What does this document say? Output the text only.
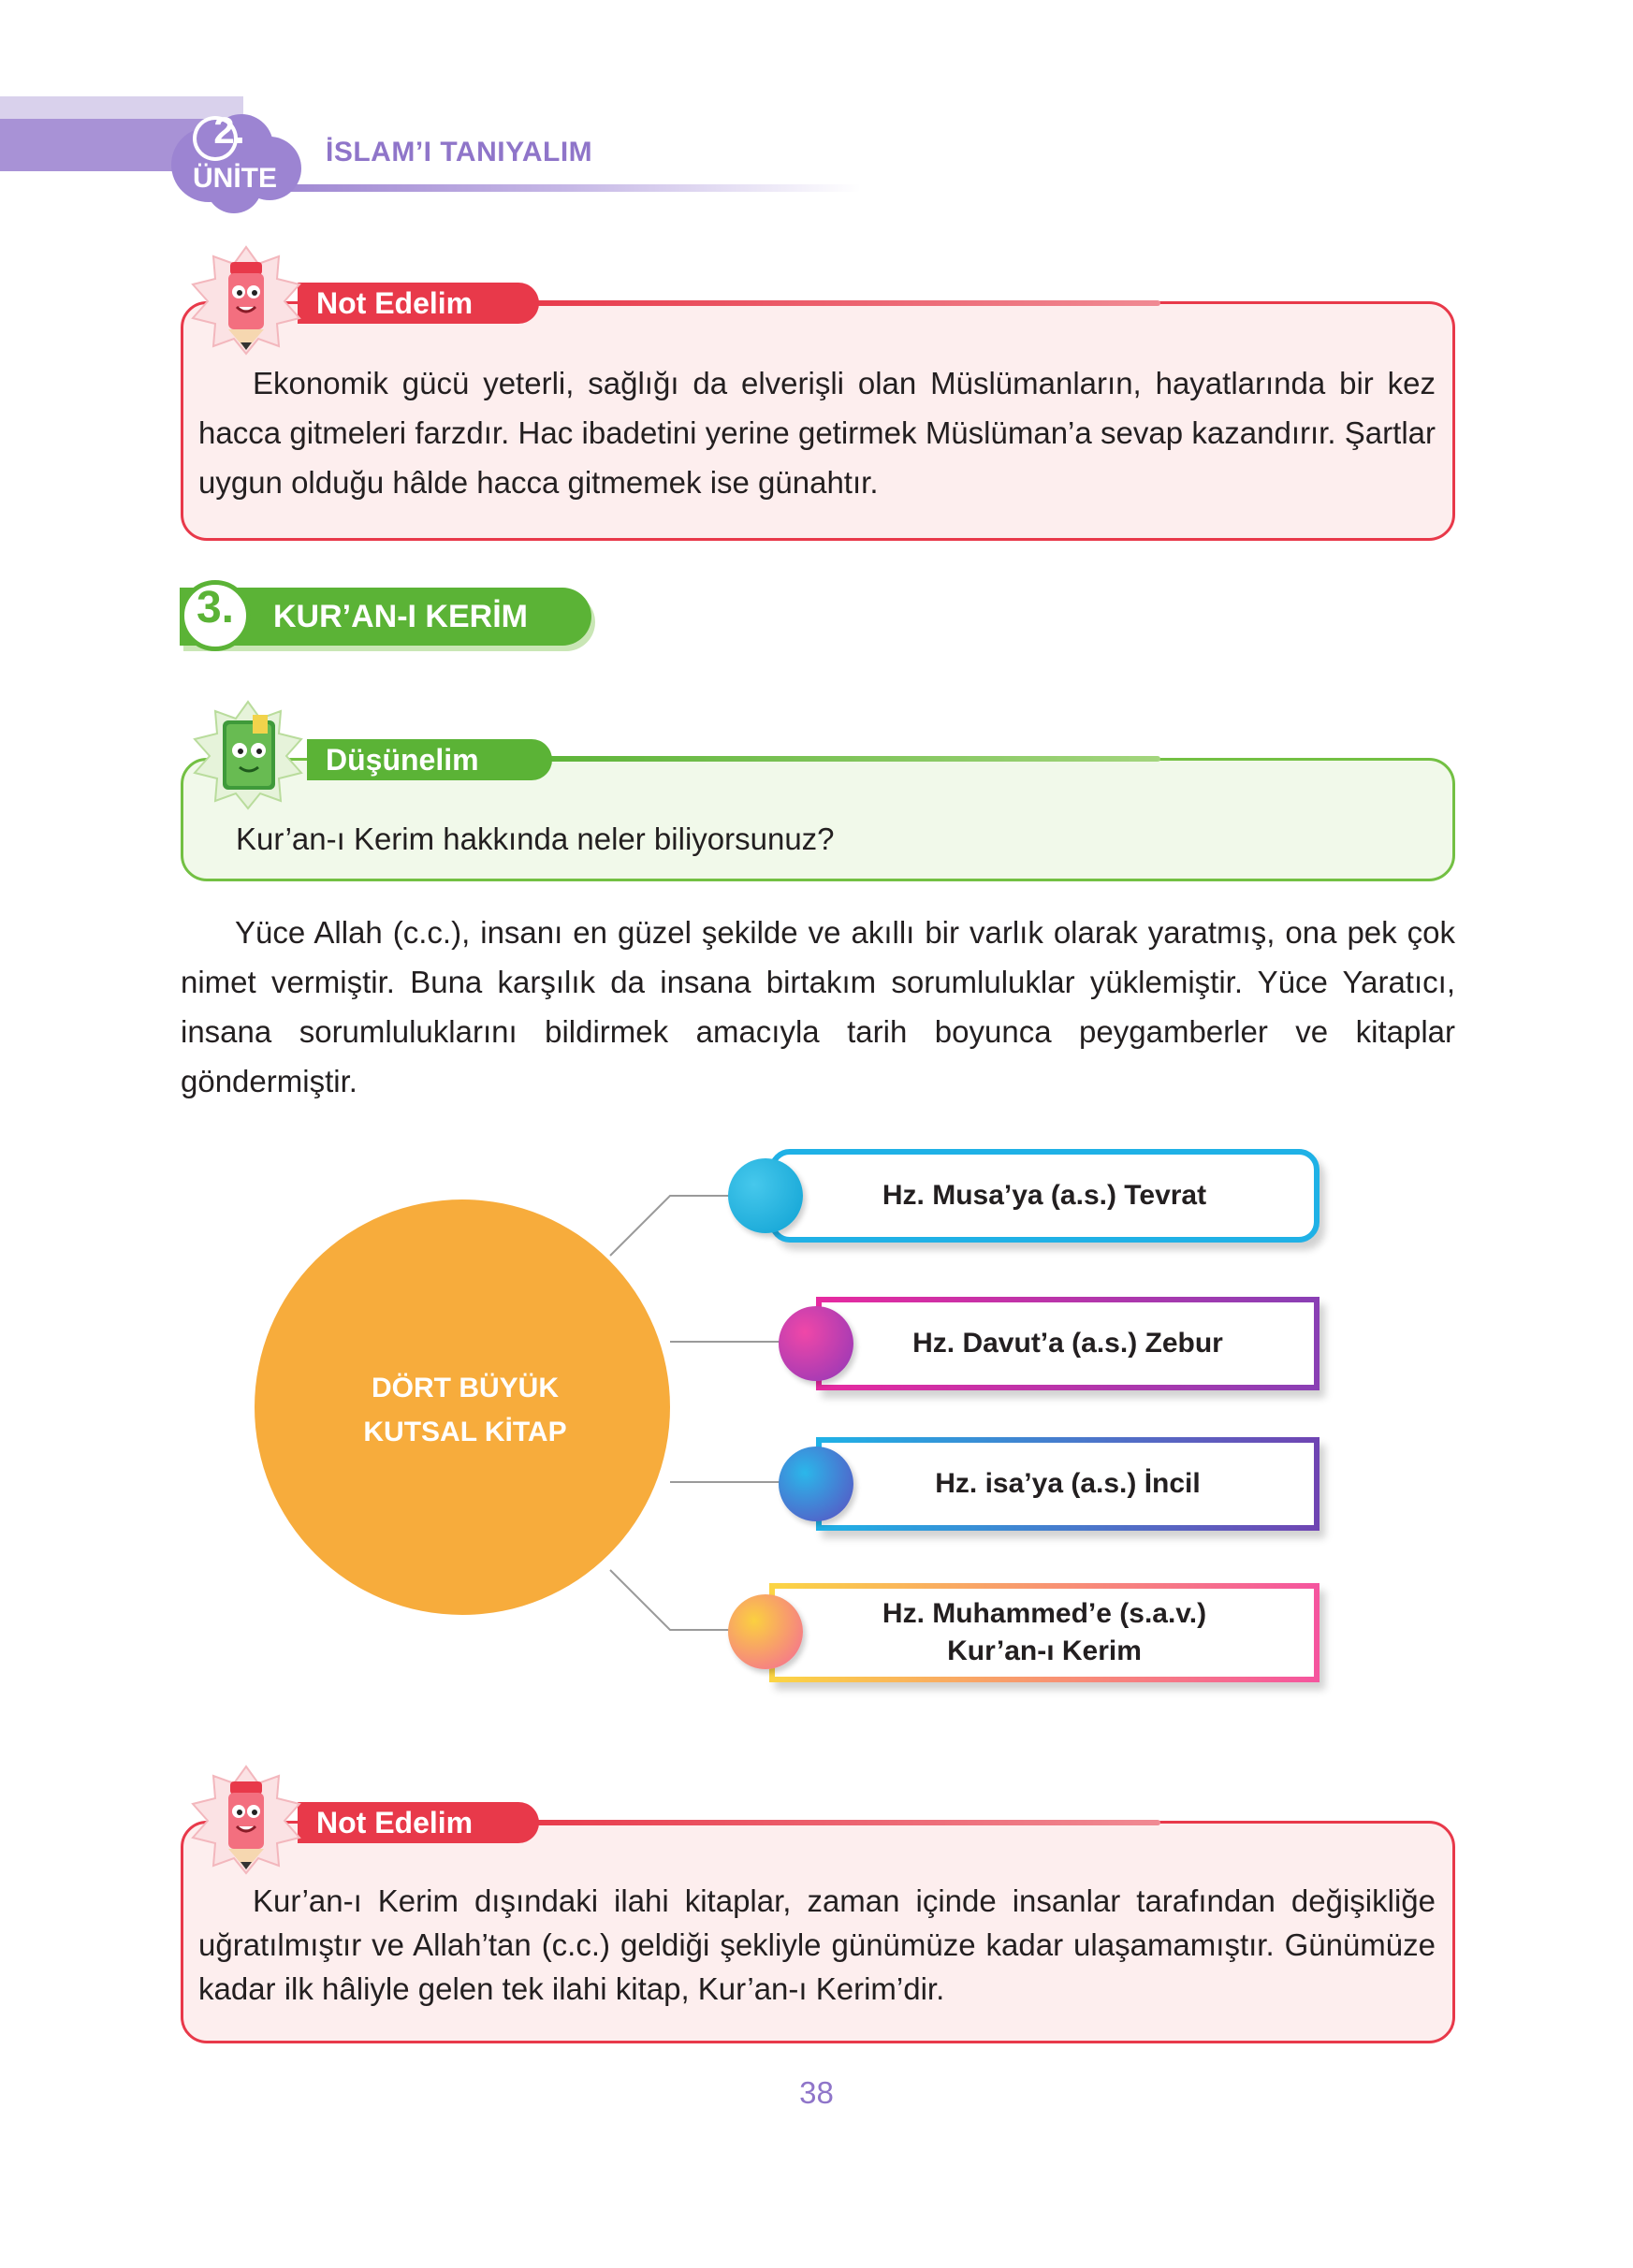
2.
ÜNİTE
İSLAM’I TANIYALIM
Not Edelim
Ekonomik gücü yeterli, sağlığı da elverişli olan Müslümanların, hayatlarında bir kez hacca gitmeleri farzdır. Hac ibadetini yerine getirmek Müslüman’a sevap kazandırır. Şartlar uygun olduğu hâlde hacca gitmemek ise günahtır.
3.	KUR’AN-I KERİM
Düşünelim
Kur’an-ı Kerim hakkında neler biliyorsunuz?
Yüce Allah (c.c.), insanı en güzel şekilde ve akıllı bir varlık olarak yaratmış, ona pek çok nimet vermiştir. Buna karşılık da insana birtakım sorumluluklar yüklemiştir. Yüce Yaratıcı, insana sorumluluklarını bildirmek amacıyla tarih boyunca peygamberler ve kitaplar göndermiştir.
DÖRT BÜYÜK
KUTSAL KİTAP
Hz. Musa’ya (a.s.) Tevrat
Hz. Davut’a (a.s.) Zebur
Hz. isa’ya (a.s.) İncil
Hz. Muhammed’e (s.a.v.)
Kur’an-ı Kerim
Not Edelim
Kur’an-ı Kerim dışındaki ilahi kitaplar, zaman içinde insanlar tarafından değişikliğe uğratılmıştır ve Allah’tan (c.c.) geldiği şekliyle günümüze kadar ulaşamamıştır. Günümüze kadar ilk hâliyle gelen tek ilahi kitap, Kur’an-ı Kerim’dir.
38
